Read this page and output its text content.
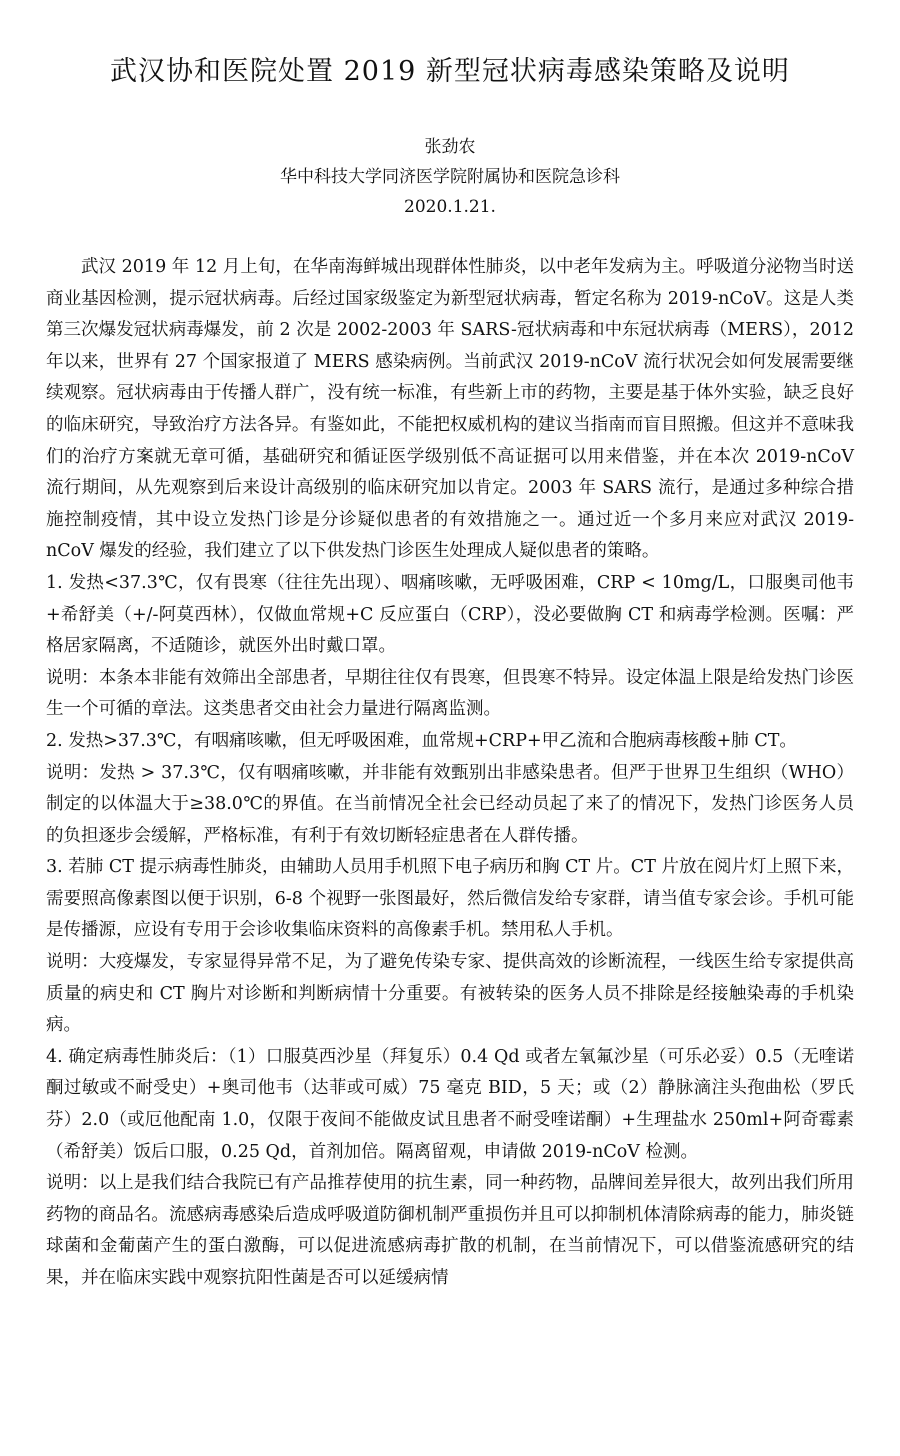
武汉协和医院处置 2019 新型冠状病毒感染策略及说明
张劲农
华中科技大学同济医学院附属协和医院急诊科
2020.1.21.

武汉 2019 年 12 月上旬，在华南海鲜城出现群体性肺炎，以中老年发病为主。呼吸道分泌物当时送商业基因检测，提示冠状病毒。后经过国家级鉴定为新型冠状病毒，暂定名称为 2019-nCoV。这是人类第三次爆发冠状病毒爆发，前 2 次是 2002-2003 年 SARS-冠状病毒和中东冠状病毒（MERS），2012 年以来，世界有 27 个国家报道了 MERS 感染病例。当前武汉 2019-nCoV 流行状况会如何发展需要继续观察。冠状病毒由于传播人群广，没有统一标准，有些新上市的药物，主要是基于体外实验，缺乏良好的临床研究，导致治疗方法各异。有鉴如此，不能把权威机构的建议当指南而盲目照搬。但这并不意味我们的治疗方案就无章可循，基础研究和循证医学级别低不高证据可以用来借鉴，并在本次 2019-nCoV 流行期间，从先观察到后来设计高级别的临床研究加以肯定。2003 年 SARS 流行，是通过多种综合措施控制疫情，其中设立发热门诊是分诊疑似患者的有效措施之一。通过近一个多月来应对武汉 2019-nCoV 爆发的经验，我们建立了以下供发热门诊医生处理成人疑似患者的策略。

1. 发热<37.3℃，仅有畏寒（往往先出现）、咽痛咳嗽，无呼吸困难，CRP < 10mg/L，口服奥司他韦+希舒美（+/-阿莫西林），仅做血常规+C 反应蛋白（CRP），没必要做胸 CT 和病毒学检测。医嘱：严格居家隔离，不适随诊，就医外出时戴口罩。

说明：本条本非能有效筛出全部患者，早期往往仅有畏寒，但畏寒不特异。设定体温上限是给发热门诊医生一个可循的章法。这类患者交由社会力量进行隔离监测。

2. 发热>37.3℃，有咽痛咳嗽，但无呼吸困难，血常规+CRP+甲乙流和合胞病毒核酸+肺 CT。

说明：发热 > 37.3℃，仅有咽痛咳嗽，并非能有效甄别出非感染患者。但严于世界卫生组织（WHO）制定的以体温大于≥38.0℃的界值。在当前情况全社会已经动员起了来了的情况下，发热门诊医务人员的负担逐步会缓解，严格标准，有利于有效切断轻症患者在人群传播。

3. 若肺 CT 提示病毒性肺炎，由辅助人员用手机照下电子病历和胸 CT 片。CT 片放在阅片灯上照下来，需要照高像素图以便于识别，6-8 个视野一张图最好，然后微信发给专家群，请当值专家会诊。手机可能是传播源，应设有专用于会诊收集临床资料的高像素手机。禁用私人手机。

说明：大疫爆发，专家显得异常不足，为了避免传染专家、提供高效的诊断流程，一线医生给专家提供高质量的病史和 CT 胸片对诊断和判断病情十分重要。有被转染的医务人员不排除是经接触染毒的手机染病。

4. 确定病毒性肺炎后：（1）口服莫西沙星（拜复乐）0.4 Qd 或者左氧氟沙星（可乐必妥）0.5（无喹诺酮过敏或不耐受史）+奥司他韦（达菲或可威）75 毫克 BID，5 天；或（2）静脉滴注头孢曲松（罗氏芬）2.0（或厄他配南 1.0，仅限于夜间不能做皮试且患者不耐受喹诺酮）+生理盐水 250ml+阿奇霉素（希舒美）饭后口服，0.25 Qd，首剂加倍。隔离留观，申请做 2019-nCoV 检测。

说明：以上是我们结合我院已有产品推荐使用的抗生素，同一种药物，品牌间差异很大，故列出我们所用药物的商品名。流感病毒感染后造成呼吸道防御机制严重损伤并且可以抑制机体清除病毒的能力，肺炎链球菌和金葡菌产生的蛋白激酶，可以促进流感病毒扩散的机制，在当前情况下，可以借鉴流感研究的结果，并在临床实践中观察抗阳性菌是否可以延缓病情
